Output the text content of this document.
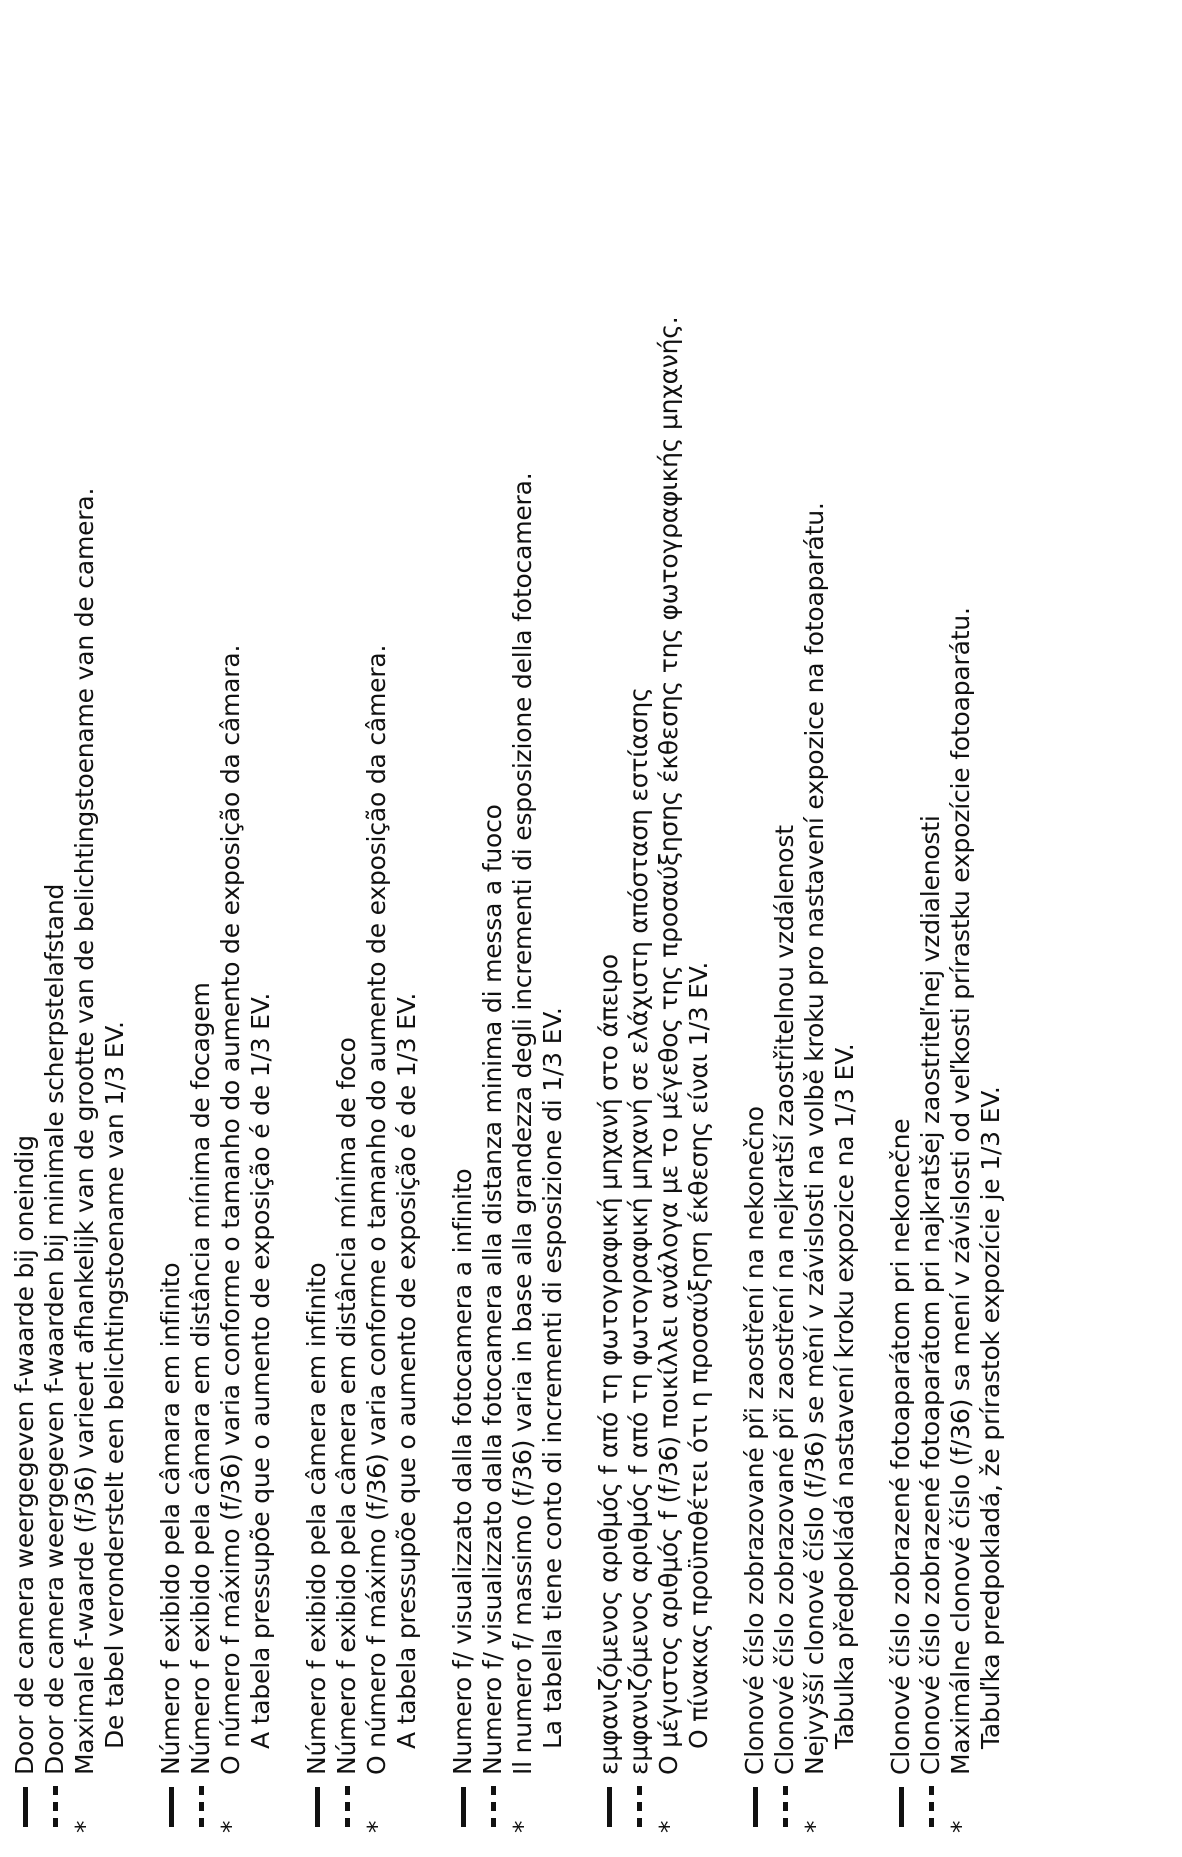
Door de camera weergegeven f-waarde bij oneindig Door de camera weergegeven f-waarden bij minimale scherpstelafstand
*
Maximale f-waarde (f/36) varieert afhankelijk van de grootte van de belichtingstoename van de camera. De tabel veronderstelt een belichtingstoename van 1/3 EV. Número f exibido pela câmara em infinito Número f exibido pela câmara em distância mínima de focagem
*
O número f máximo (f/36) varia conforme o tamanho do aumento de exposição da câmara. A tabela pressupõe que o aumento de exposição é de 1/3 EV. Número f exibido pela câmera em infinito Número f exibido pela câmera em distância mínima de foco
*
O número f máximo (f/36) varia conforme o tamanho do aumento de exposição da câmera. A tabela pressupõe que o aumento de exposição é de 1/3 EV. Numero f/ visualizzato dalla fotocamera a infinito Numero f/ visualizzato dalla fotocamera alla distanza minima di messa a fuoco
*
Il numero f/ massimo (f/36) varia in base alla grandezza degli incrementi di esposizione della fotocamera. La tabella tiene conto di incrementi di esposizione di 1/3 EV. εμφανιζόμενος αριθμός f από τη φωτογραφική μηχανή στο άπειρο εμφανιζόμενος αριθμός f από τη φωτογραφική μηχανή σε ελάχιστη απόσταση εστίασης
*
O μέγιστος αριθμός f (f/36) ποικίλλει ανάλογα με το μέγεθος της προσαύξησης έκθεσης της φωτογραφικής μηχανής. O πίνακας προϋποθέτει ότι η προσαύξηση έκθεσης είναι 1/3 EV. Clonové číslo zobrazované při zaostření na nekonečno Clonové číslo zobrazované při zaostření na nejkratší zaostřitelnou vzdálenost
*
Nejvyšší clonové číslo (f/36) se mění v závislosti na volbě kroku pro nastavení expozice na fotoaparátu. Tabulka předpokládá nastavení kroku expozice na 1/3 EV. Clonové číslo zobrazené fotoaparátom pri nekonečne Clonové číslo zobrazené fotoaparátom pri najkratšej zaostriteľnej vzdialenosti
*
Maximálne clonové číslo (f/36) sa mení v závislosti od veľkosti prírastku expozície fotoaparátu. Tabuľka predpokladá, že prírastok expozície je 1/3 EV.
